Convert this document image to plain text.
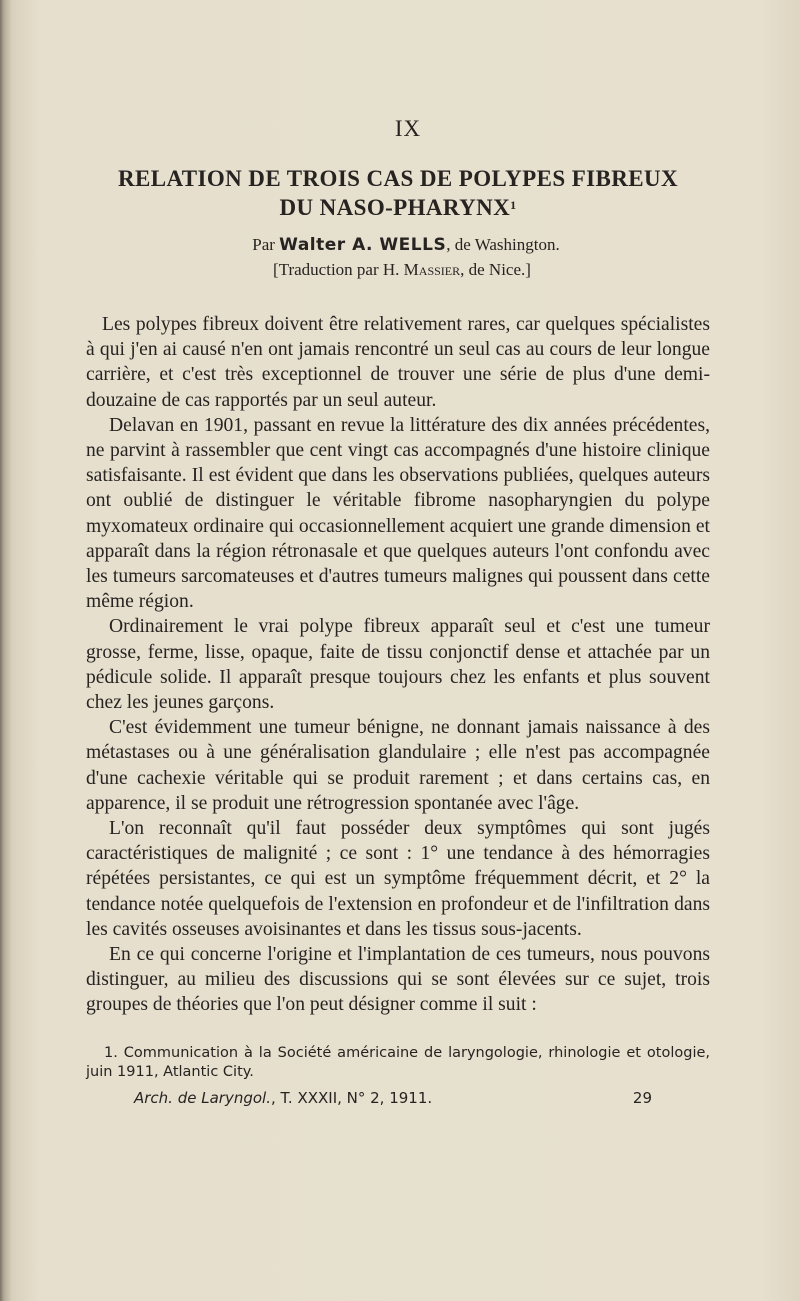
IX
RELATION DE TROIS CAS DE POLYPES FIBREUX
DU NASO-PHARYNX$^1$
Par Walter A. WELLS, de Washington.
[Traduction par H. Massier, de Nice.]

Les polypes fibreux doivent être relativement rares, car quelques spécialistes à qui j'en ai causé n'en ont jamais rencontré un seul cas au cours de leur longue carrière, et c'est très exceptionnel de trouver une série de plus d'une demi-douzaine de cas rapportés par un seul auteur.

Delavan en 1901, passant en revue la littérature des dix années précédentes, ne parvint à rassembler que cent vingt cas accompagnés d'une histoire clinique satisfaisante. Il est évident que dans les observations publiées, quelques auteurs ont oublié de distinguer le véritable fibrome nasopharyngien du polype myxomateux ordinaire qui occasionnellement acquiert une grande dimension et apparaît dans la région rétronasale et que quelques auteurs l'ont confondu avec les tumeurs sarcomateuses et d'autres tumeurs malignes qui poussent dans cette même région.

Ordinairement le vrai polype fibreux apparaît seul et c'est une tumeur grosse, ferme, lisse, opaque, faite de tissu conjonctif dense et attachée par un pédicule solide. Il apparaît presque toujours chez les enfants et plus souvent chez les jeunes garçons.

C'est évidemment une tumeur bénigne, ne donnant jamais naissance à des métastases ou à une généralisation glandulaire ; elle n'est pas accompagnée d'une cachexie véritable qui se produit rarement ; et dans certains cas, en apparence, il se produit une rétrogression spontanée avec l'âge.

L'on reconnaît qu'il faut posséder deux symptômes qui sont jugés caractéristiques de malignité ; ce sont : 1° une tendance à des hémorragies répétées persistantes, ce qui est un symptôme fréquemment décrit, et 2° la tendance notée quelquefois de l'extension en profondeur et de l'infiltration dans les cavités osseuses avoisinantes et dans les tissus sous-jacents.

En ce qui concerne l'origine et l'implantation de ces tumeurs, nous pouvons distinguer, au milieu des discussions qui se sont élevées sur ce sujet, trois groupes de théories que l'on peut désigner comme il suit :

1. Communication à la Société américaine de laryngologie, rhinologie et otologie, juin 1911, Atlantic City.
Arch. de Laryngol., T. XXXII, N° 2, 1911.	29
